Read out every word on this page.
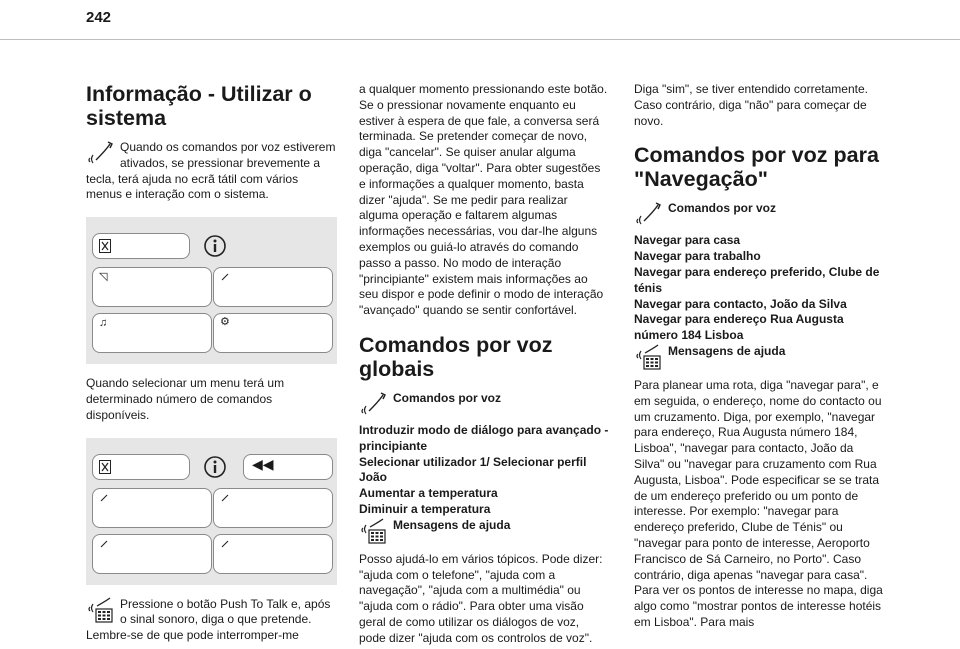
242
Informação - Utilizar o sistema
Quando os comandos por voz estiverem ativados, se pressionar brevemente a tecla, terá ajuda no ecrã tátil com vários menus e interação com o sistema.
◹
♫	⚙
Quando selecionar um menu terá um determinado número de comandos disponíveis.
◀◀
Pressione o botão Push To Talk e, após o sinal sonoro, diga o que pretende. Lembre-se de que pode interromper-me
a qualquer momento pressionando este botão. Se o pressionar novamente enquanto eu estiver à espera de que fale, a conversa será terminada. Se pretender começar de novo, diga "cancelar". Se quiser anular alguma operação, diga "voltar". Para obter sugestões e informações a qualquer momento, basta dizer "ajuda". Se me pedir para realizar alguma operação e faltarem algumas informações necessárias, vou dar-lhe alguns exemplos ou guiá-lo através do comando passo a passo. No modo de interação "principiante" existem mais informações ao seu dispor e pode definir o modo de interação "avançado" quando se sentir confortável.
Comandos por voz globais
Comandos por voz
Introduzir modo de diálogo para avançado - principiante
Selecionar utilizador 1/ Selecionar perfil João
Aumentar a temperatura
Diminuir a temperatura
Mensagens de ajuda
Posso ajudá-lo em vários tópicos. Pode dizer: "ajuda com o telefone", "ajuda com a navegação", "ajuda com a multimédia" ou "ajuda com o rádio". Para obter uma visão geral de como utilizar os diálogos de voz, pode dizer "ajuda com os controlos de voz".
Diga "sim", se tiver entendido corretamente. Caso contrário, diga "não" para começar de novo.
Comandos por voz para "Navegação"
Comandos por voz
Navegar para casa
Navegar para trabalho
Navegar para endereço preferido, Clube de ténis
Navegar para contacto, João da Silva
Navegar para endereço Rua Augusta número 184 Lisboa
Mensagens de ajuda
Para planear uma rota, diga "navegar para", e em seguida, o endereço, nome do contacto ou um cruzamento. Diga, por exemplo, "navegar para endereço, Rua Augusta número 184, Lisboa", "navegar para contacto, João da Silva" ou "navegar para cruzamento com Rua Augusta, Lisboa". Pode especificar se se trata de um endereço preferido ou um ponto de interesse. Por exemplo: "navegar para endereço preferido, Clube de Ténis" ou "navegar para ponto de interesse, Aeroporto Francisco de Sá Carneiro, no Porto". Caso contrário, diga apenas "navegar para casa". Para ver os pontos de interesse no mapa, diga algo como "mostrar pontos de interesse hotéis em Lisboa". Para mais
